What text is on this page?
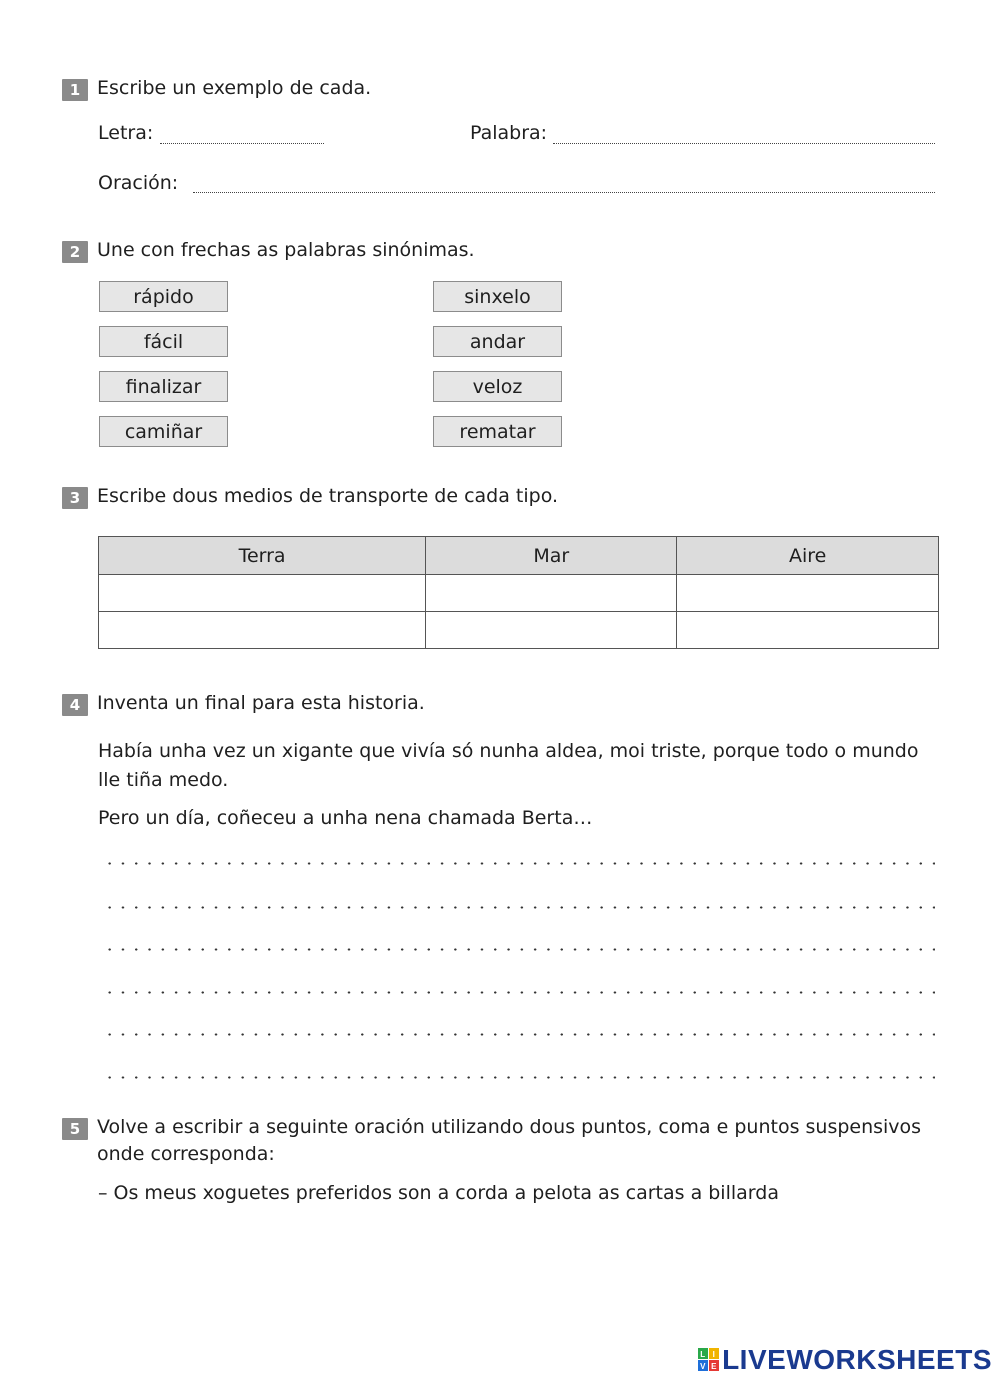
1 Escribe un exemplo de cada.
Letra:	Palabra:
Oración:
2 Une con frechas as palabras sinónimas.
rápido
fácil
finalizar
camiñar
sinxelo
andar
veloz
rematar
3 Escribe dous medios de transporte de cada tipo.
Terra	Mar	Aire

4 Inventa un final para esta historia.
Había unha vez un xigante que vivía só nunha aldea, moi triste, porque todo o mundo lle tiña medo.
Pero un día, coñeceu a unha nena chamada Berta…
5 Volve a escribir a seguinte oración utilizando dous puntos, coma e puntos suspensivos
onde corresponda:
– Os meus xoguetes preferidos son a corda a pelota as cartas a billarda
L I
V E LIVEWORKSHEETS
